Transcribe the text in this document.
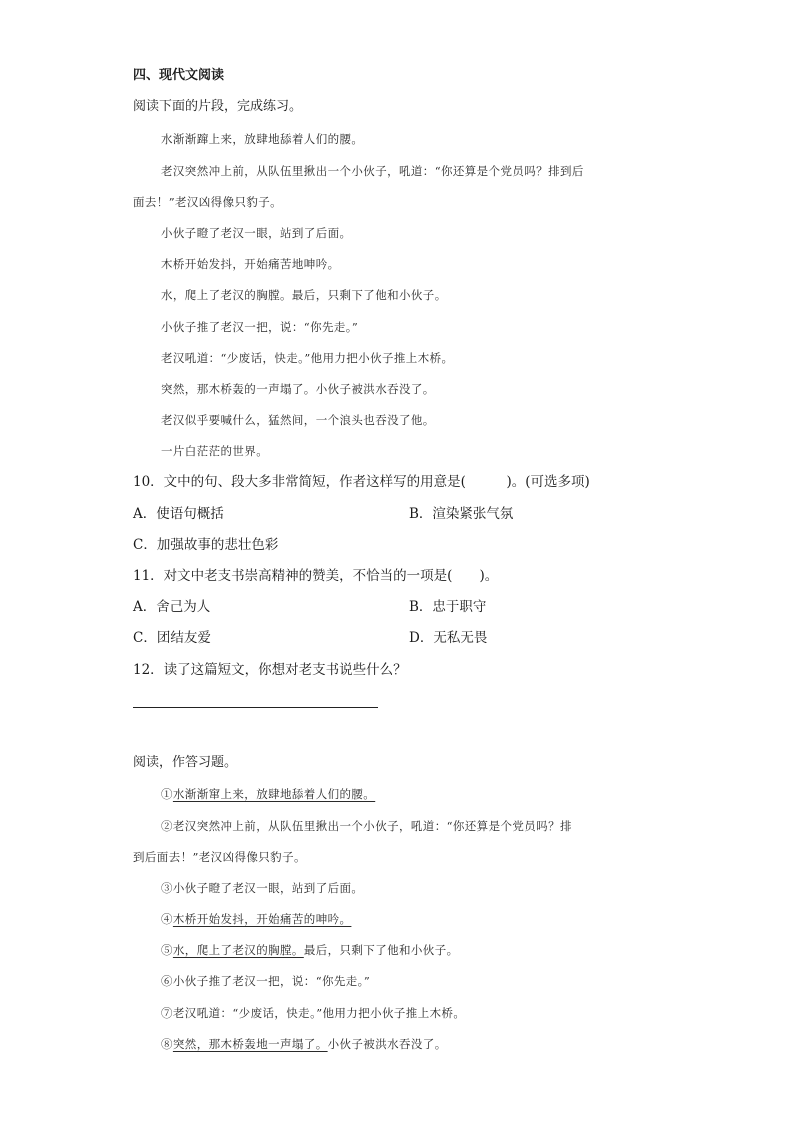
四、现代文阅读
阅读下面的片段，完成练习。
水渐渐蹿上来，放肆地舔着人们的腰。
老汉突然冲上前，从队伍里揪出一个小伙子，吼道：“你还算是个党员吗？排到后
面去！”老汉凶得像只豹子。
小伙子瞪了老汉一眼，站到了后面。
木桥开始发抖，开始痛苦地呻吟。
水，爬上了老汉的胸膛。最后，只剩下了他和小伙子。
小伙子推了老汉一把，说：“你先走。”
老汉吼道：“少废话，快走。”他用力把小伙子推上木桥。
突然，那木桥轰的一声塌了。小伙子被洪水吞没了。
老汉似乎要喊什么，猛然间，一个浪头也吞没了他。
一片白茫茫的世界。
10．文中的句、段大多非常简短，作者这样写的用意是(　　　)。(可选多项)
A．使语句概括	B．渲染紧张气氛
C．加强故事的悲壮色彩
11．对文中老支书崇高精神的赞美，不恰当的一项是(　　)。
A．舍己为人	B．忠于职守
C．团结友爱	D．无私无畏
12．读了这篇短文，你想对老支书说些什么？
阅读，作答习题。
①水渐渐窜上来，放肆地舔着人们的腰。
②老汉突然冲上前，从队伍里揪出一个小伙子，吼道：“你还算是个党员吗？排
到后面去！”老汉凶得像只豹子。
③小伙子瞪了老汉一眼，站到了后面。
④木桥开始发抖，开始痛苦的呻吟。
⑤水，爬上了老汉的胸膛。最后，只剩下了他和小伙子。
⑥小伙子推了老汉一把，说：“你先走。”
⑦老汉吼道：“少废话，快走。”他用力把小伙子推上木桥。
⑧突然，那木桥轰地一声塌了。小伙子被洪水吞没了。
